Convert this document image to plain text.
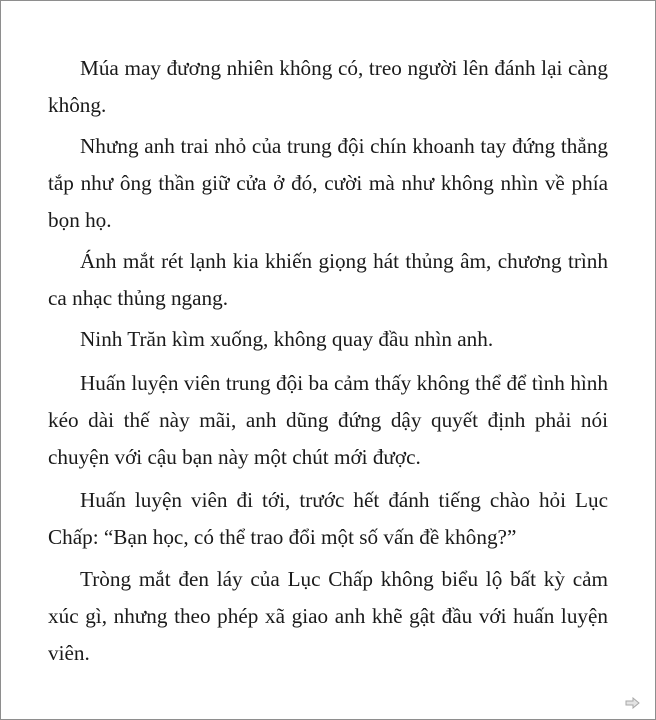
Múa may đương nhiên không có, treo người lên đánh lại càng không.

Nhưng anh trai nhỏ của trung đội chín khoanh tay đứng thẳng tắp như ông thần giữ cửa ở đó, cười mà như không nhìn về phía bọn họ.

Ánh mắt rét lạnh kia khiến giọng hát thủng âm, chương trình ca nhạc thủng ngang.

Ninh Trăn kìm xuống, không quay đầu nhìn anh.

Huấn luyện viên trung đội ba cảm thấy không thể để tình hình kéo dài thế này mãi, anh dũng đứng dậy quyết định phải nói chuyện với cậu bạn này một chút mới được.

Huấn luyện viên đi tới, trước hết đánh tiếng chào hỏi Lục Chấp: “Bạn học, có thể trao đổi một số vấn đề không?”

Tròng mắt đen láy của Lục Chấp không biểu lộ bất kỳ cảm xúc gì, nhưng theo phép xã giao anh khẽ gật đầu với huấn luyện viên.
